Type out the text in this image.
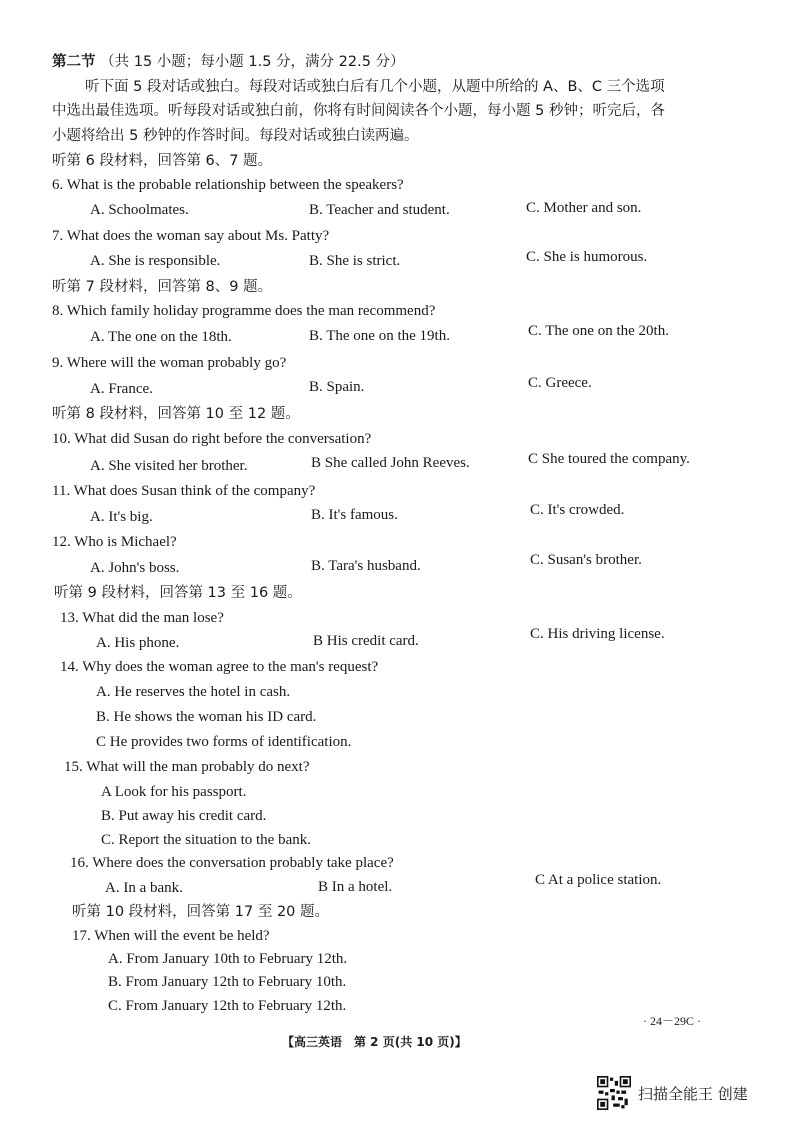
第二节 （共 15 小题；每小题 1.5 分，满分 22.5 分）
听下面 5 段对话或独白。每段对话或独白后有几个小题，从题中所给的 A、B、C 三个选项
中选出最佳选项。听每段对话或独白前，你将有时间阅读各个小题，每小题 5 秒钟；听完后，各
小题将给出 5 秒钟的作答时间。每段对话或独白读两遍。
听第 6 段材料，回答第 6、7 题。
6. What is the probable relationship between the speakers?
A. Schoolmates.	B. Teacher and student.	C. Mother and son.
7. What does the woman say about Ms. Patty?
A. She is responsible.	B. She is strict.	C. She is humorous.
听第 7 段材料，回答第 8、9 题。
8. Which family holiday programme does the man recommend?
A. The one on the 18th.	B. The one on the 19th.	C. The one on the 20th.
9. Where will the woman probably go?
A. France.	B. Spain.	C. Greece.
听第 8 段材料，回答第 10 至 12 题。
10. What did Susan do right before the conversation?
A. She visited her brother.	B She called John Reeves.	C She toured the company.
11. What does Susan think of the company?
A. It's big.	B. It's famous.	C. It's crowded.
12. Who is Michael?
A. John's boss.	B. Tara's husband.	C. Susan's brother.
听第 9 段材料，回答第 13 至 16 题。
13. What did the man lose?
A. His phone.	B His credit card.	C. His driving license.
14. Why does the woman agree to the man's request?
A. He reserves the hotel in cash.
B. He shows the woman his ID card.
C He provides two forms of identification.
15. What will the man probably do next?
A Look for his passport.
B. Put away his credit card.
C. Report the situation to the bank.
16. Where does the conversation probably take place?
A. In a bank.	B In a hotel.	C At a police station.
听第 10 段材料，回答第 17 至 20 题。
17. When will the event be held?
A. From January 10th to February 12th.
B. From January 12th to February 10th.
C. From January 12th to February 12th.
· 24－29C ·
【高三英语　第 2 页(共 10 页)】
扫描全能王 创建
